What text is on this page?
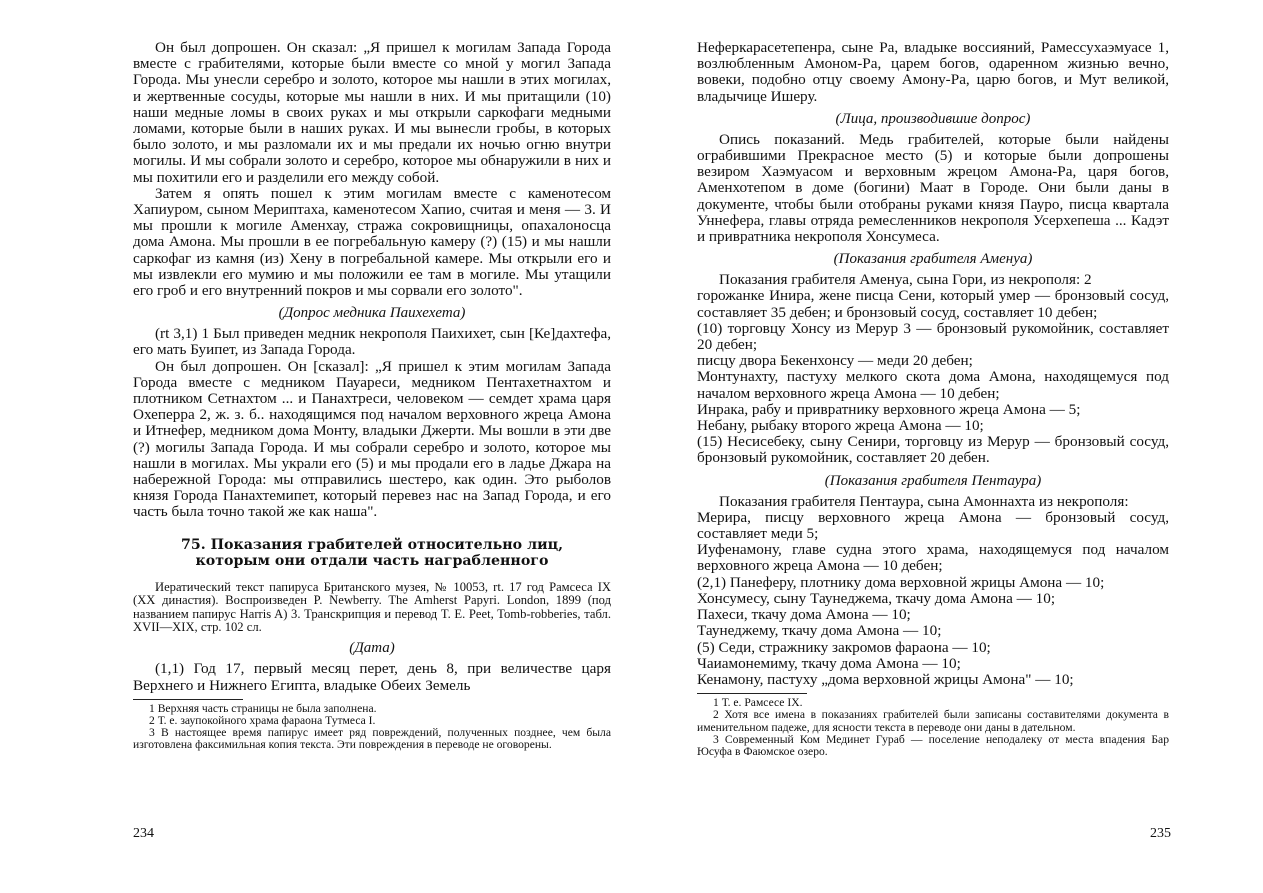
Он был допрошен. Он сказал: „Я пришел к могилам Запада Города вместе с грабителями, которые были вместе со мной у могил Запада Города. Мы унесли серебро и золото, которое мы нашли в этих могилах, и жертвенные сосуды, которые мы нашли в них. И мы притащили (10) наши медные ломы в своих руках и мы открыли саркофаги медными ломами, которые были в наших руках. И мы вынесли гробы, в которых было золото, и мы разломали их и мы предали их ночью огню внутри могилы. И мы собрали золото и серебро, которое мы обнаружили в них и мы похитили его и разделили его между собой.

Затем я опять пошел к этим могилам вместе с каменотесом Хапиуром, сыном Мериптаха, каменотесом Хапио, считая и меня — 3. И мы прошли к могиле Аменхау, стража сокровищницы, опахалоносца дома Амона. Мы прошли в ее погребальную камеру (?) (15) и мы нашли саркофаг из камня (из) Хену в погребальной камере. Мы открыли его и мы извлекли его мумию и мы положили ее там в могиле. Мы утащили его гроб и его внутренний покров и мы сорвали его золото".

(Допрос медника Паихехета)

(rt 3,1) 1 Был приведен медник некрополя Паихихет, сын [Ке]дахтефа, его мать Буипет, из Запада Города.

Он был допрошен. Он [сказал]: „Я пришел к этим могилам Запада Города вместе с медником Пауареси, медником Пентахетнахтом и плотником Сетнахтом ... и Панахтреси, человеком — семдет храма царя Охеперра 2, ж. з. б.. находящимся под началом верховного жреца Амона и Итнефер, медником дома Монту, владыки Джерти. Мы вошли в эти две (?) могилы Запада Города. И мы собрали серебро и золото, которое мы нашли в могилах. Мы украли его (5) и мы продали его в ладье Джара на набережной Города: мы отправились шестеро, как один. Это рыболов князя Города Панахтемипет, который перевез нас на Запад Города, и его часть была точно такой же как наша".

75. Показания грабителей относительно лиц,
которым они отдали часть награбленного

Иератический текст папируса Британского музея, № 10053, rt. 17 год Рамсеса IX (XX династия). Воспроизведен P. Newberry. The Amherst Papyri. London, 1899 (под названием папирус Harris A) 3. Транскрипция и перевод T. E. Peet, Tomb-robberies, табл. XVII—XIX, стр. 102 сл.

(Дата)

(1,1) Год 17, первый месяц перет, день 8, при величестве царя Верхнего и Нижнего Египта, владыке Обеих Земель

1 Верхняя часть страницы не была заполнена.

2 Т. е. заупокойного храма фараона Тутмеса I.

3 В настоящее время папирус имеет ряд повреждений, полученных позднее, чем была изготовлена факсимильная копия текста. Эти повреждения в переводе не оговорены.

234

Неферкарасетепенра, сыне Ра, владыке воссияний, Рамессухаэмуасе 1, возлюбленным Амоном-Ра, царем богов, одаренном жизнью вечно, вовеки, подобно отцу своему Амону-Ра, царю богов, и Мут великой, владычице Ишеру.

(Лица, производившие допрос)

Опись показаний. Медь грабителей, которые были найдены ограбившими Прекрасное место (5) и которые были допрошены везиром Хаэмуасом и верховным жрецом Амона-Ра, царя богов, Аменхотепом в доме (богини) Маат в Городе. Они были даны в документе, чтобы были отобраны руками князя Пауро, писца квартала Уннефера, главы отряда ремесленников некрополя Усерхепеша ... Кадэт и привратника некрополя Хонсумеса.

(Показания грабителя Аменуа)

Показания грабителя Аменуа, сына Гори, из некрополя: 2

горожанке Инира, жене писца Сени, который умер — бронзовый сосуд, составляет 35 дебен; и бронзовый сосуд, составляет 10 дебен;

(10) торговцу Хонсу из Мерур 3 — бронзовый рукомойник, составляет 20 дебен;

писцу двора Бекенхонсу — меди 20 дебен;

Монтунахту, пастуху мелкого скота дома Амона, находящемуся под началом верховного жреца Амона — 10 дебен;

Инрака, рабу и привратнику верховного жреца Амона — 5;

Небану, рыбаку второго жреца Амона — 10;

(15) Несисебеку, сыну Сенири, торговцу из Мерур — бронзовый сосуд, бронзовый рукомойник, составляет 20 дебен.

(Показания грабителя Пентаура)

Показания грабителя Пентаура, сына Амоннахта из некрополя:

Мерира, писцу верховного жреца Амона — бронзовый сосуд, составляет меди 5;

Иуфенамону, главе судна этого храма, находящемуся под началом верховного жреца Амона — 10 дебен;

(2,1) Панеферу, плотнику дома верховной жрицы Амона — 10;

Хонсумесу, сыну Таунеджема, ткачу дома Амона — 10;

Пахеси, ткачу дома Амона — 10;

Таунеджему, ткачу дома Амона — 10;

(5) Седи, стражнику закромов фараона — 10;

Чаиамонемиму, ткачу дома Амона — 10;

Кенамону, пастуху „дома верховной жрицы Амона" — 10;

1 Т. е. Рамсесе IX.

2 Хотя все имена в показаниях грабителей были записаны составителями документа в именительном падеже, для ясности текста в переводе они даны в дательном.

3 Современный Ком Мединет Гураб — поселение неподалеку от места впадения Бар Юсуфа в Фаюмское озеро.

235
